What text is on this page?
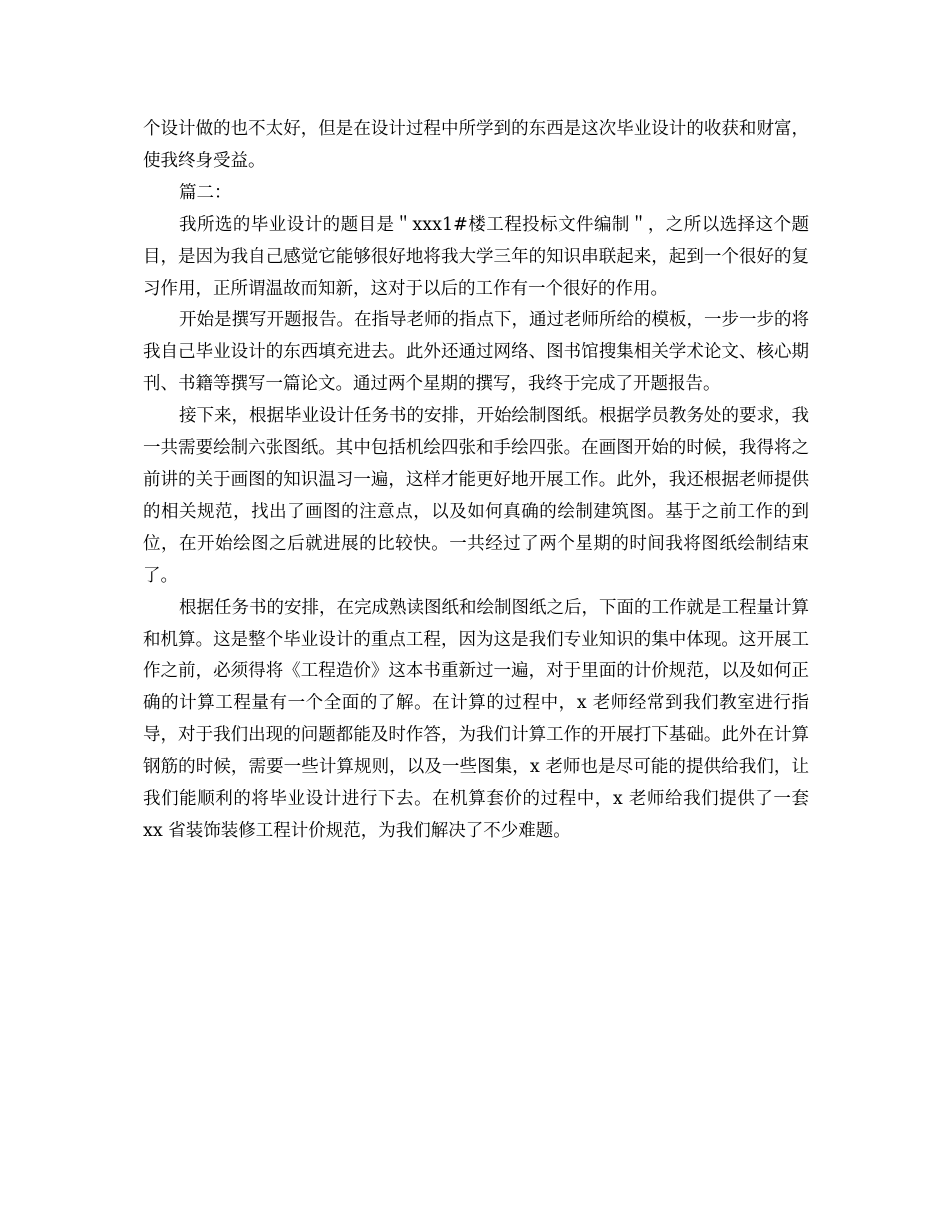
个设计做的也不太好，但是在设计过程中所学到的东西是这次毕业设计的收获和财富，使我终身受益。

篇二：

我所选的毕业设计的题目是＂xxx1#楼工程投标文件编制＂，之所以选择这个题目，是因为我自己感觉它能够很好地将我大学三年的知识串联起来，起到一个很好的复习作用，正所谓温故而知新，这对于以后的工作有一个很好的作用。

开始是撰写开题报告。在指导老师的指点下，通过老师所给的模板，一步一步的将我自己毕业设计的东西填充进去。此外还通过网络、图书馆搜集相关学术论文、核心期刊、书籍等撰写一篇论文。通过两个星期的撰写，我终于完成了开题报告。

接下来，根据毕业设计任务书的安排，开始绘制图纸。根据学员教务处的要求，我一共需要绘制六张图纸。其中包括机绘四张和手绘四张。在画图开始的时候，我得将之前讲的关于画图的知识温习一遍，这样才能更好地开展工作。此外，我还根据老师提供的相关规范，找出了画图的注意点，以及如何真确的绘制建筑图。基于之前工作的到位，在开始绘图之后就进展的比较快。一共经过了两个星期的时间我将图纸绘制结束了。

根据任务书的安排，在完成熟读图纸和绘制图纸之后，下面的工作就是工程量计算和机算。这是整个毕业设计的重点工程，因为这是我们专业知识的集中体现。这开展工作之前，必须得将《工程造价》这本书重新过一遍，对于里面的计价规范，以及如何正确的计算工程量有一个全面的了解。在计算的过程中，x 老师经常到我们教室进行指导，对于我们出现的问题都能及时作答，为我们计算工作的开展打下基础。此外在计算钢筋的时候，需要一些计算规则，以及一些图集，x 老师也是尽可能的提供给我们，让我们能顺利的将毕业设计进行下去。在机算套价的过程中，x 老师给我们提供了一套 xx 省装饰装修工程计价规范，为我们解决了不少难题。
